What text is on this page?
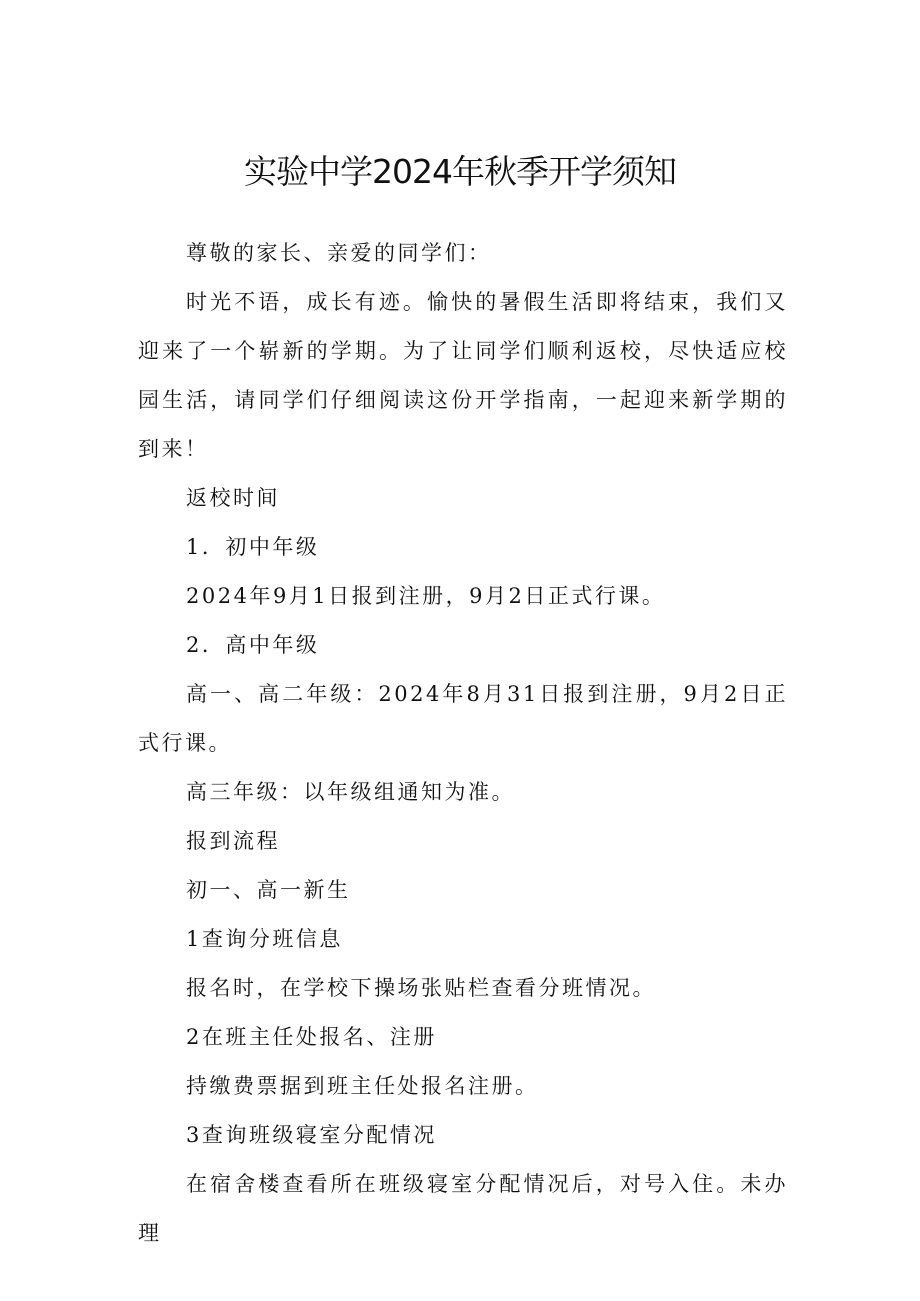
实验中学2024年秋季开学须知

尊敬的家长、亲爱的同学们：

时光不语，成长有迹。愉快的暑假生活即将结束，我们又迎来了一个崭新的学期。为了让同学们顺利返校，尽快适应校园生活，请同学们仔细阅读这份开学指南，一起迎来新学期的到来！

返校时间

1．初中年级

2024年9月1日报到注册，9月2日正式行课。

2．高中年级

高一、高二年级：2024年8月31日报到注册，9月2日正式行课。

高三年级：以年级组通知为准。

报到流程

初一、高一新生

1查询分班信息

报名时，在学校下操场张贴栏查看分班情况。

2在班主任处报名、注册

持缴费票据到班主任处报名注册。

3查询班级寝室分配情况

在宿舍楼查看所在班级寝室分配情况后，对号入住。未办理
